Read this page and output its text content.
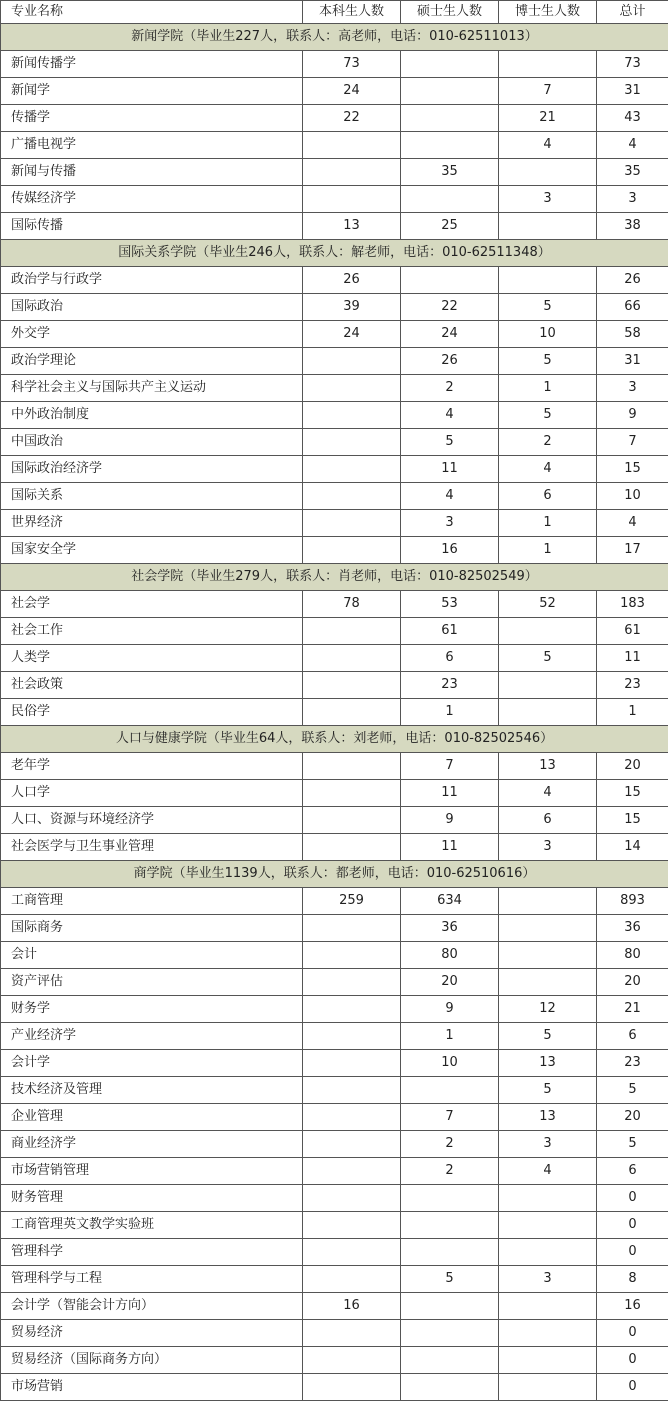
专业名称	本科生人数	硕士生人数	博士生人数	总计
新闻学院（毕业生227人，联系人：高老师，电话：010-62511013）				
新闻传播学	73			73
新闻学	24		7	31
传播学	22		21	43
广播电视学			4	4
新闻与传播		35		35
传媒经济学			3	3
国际传播	13	25		38
国际关系学院（毕业生246人，联系人：解老师，电话：010-62511348）				
政治学与行政学	26			26
国际政治	39	22	5	66
外交学	24	24	10	58
政治学理论		26	5	31
科学社会主义与国际共产主义运动		2	1	3
中外政治制度		4	5	9
中国政治		5	2	7
国际政治经济学		11	4	15
国际关系		4	6	10
世界经济		3	1	4
国家安全学		16	1	17
社会学院（毕业生279人，联系人：肖老师，电话：010-82502549）				
社会学	78	53	52	183
社会工作		61		61
人类学		6	5	11
社会政策		23		23
民俗学		1		1
人口与健康学院（毕业生64人，联系人：刘老师，电话：010-82502546）				
老年学		7	13	20
人口学		11	4	15
人口、资源与环境经济学		9	6	15
社会医学与卫生事业管理		11	3	14
商学院（毕业生1139人，联系人：都老师，电话：010-62510616）				
工商管理	259	634		893
国际商务		36		36
会计		80		80
资产评估		20		20
财务学		9	12	21
产业经济学		1	5	6
会计学		10	13	23
技术经济及管理			5	5
企业管理		7	13	20
商业经济学		2	3	5
市场营销管理		2	4	6
财务管理				0
工商管理英文教学实验班				0
管理科学				0
管理科学与工程		5	3	8
会计学（智能会计方向）	16			16
贸易经济				0
贸易经济（国际商务方向）				0
市场营销				0
